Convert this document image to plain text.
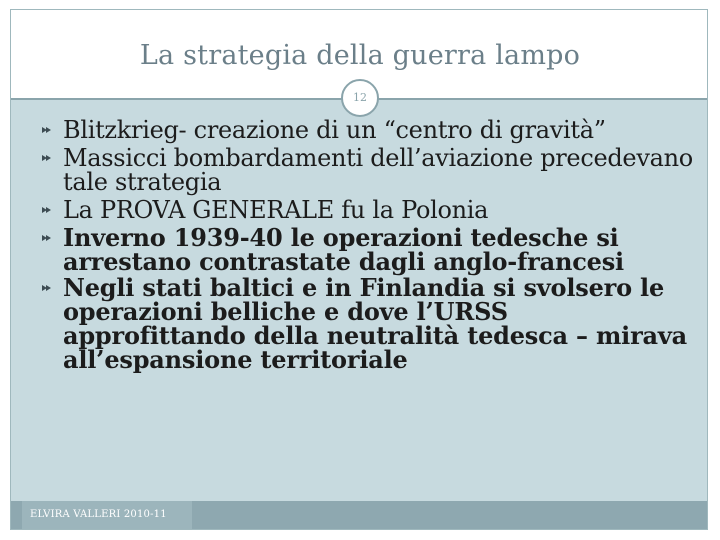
La strategia della guerra lampo
12
Blitzkrieg- creazione di un “centro di gravità”
Massicci bombardamenti dell’aviazione precedevano tale strategia
La PROVA GENERALE fu la Polonia
Inverno 1939-40 le operazioni tedesche si arrestano contrastate dagli anglo-francesi
Negli stati baltici e in Finlandia si svolsero le operazioni belliche e dove l’URSS approfittando della neutralità tedesca – mirava all’espansione territoriale
ELVIRA VALLERI 2010-11
